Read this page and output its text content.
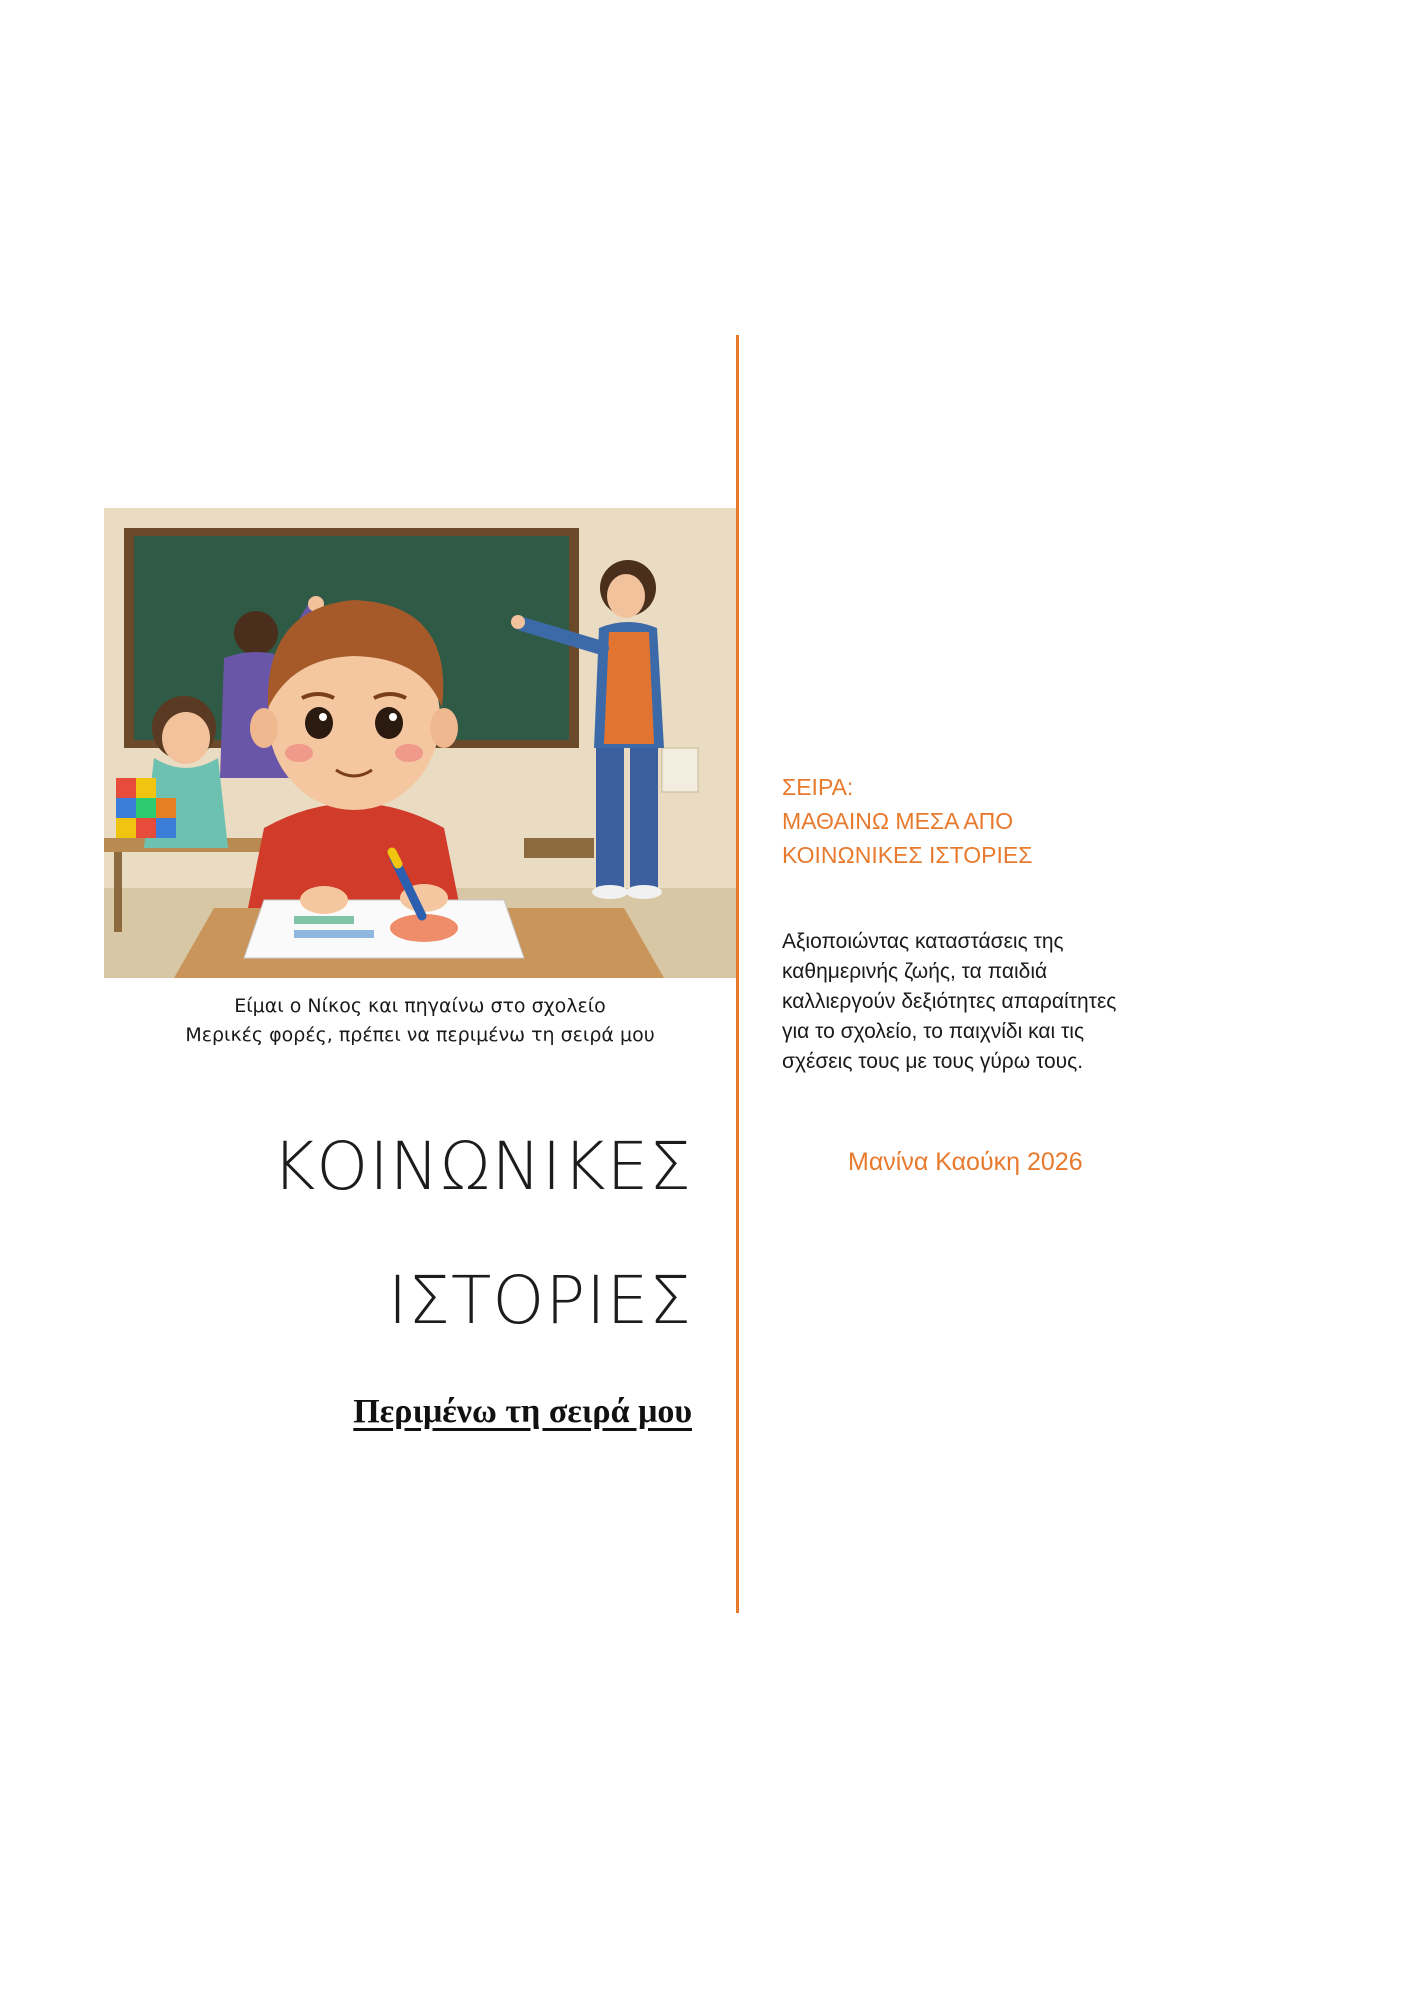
Είμαι ο Νίκος και πηγαίνω στο σχολείο
Μερικές φορές, πρέπει να περιμένω τη σειρά μου
ΚΟΙΝΩΝΙΚΕΣ
ΙΣΤΟΡΙΕΣ
Περιμένω τη σειρά μου
ΣΕΙΡΑ:
ΜΑΘΑΙΝΩ ΜΕΣΑ ΑΠΟ
ΚΟΙΝΩΝΙΚΕΣ ΙΣΤΟΡΙΕΣ
Αξιοποιώντας καταστάσεις της
καθημερινής ζωής, τα παιδιά
καλλιεργούν δεξιότητες απαραίτητες
για το σχολείο, το παιχνίδι και τις
σχέσεις τους με τους γύρω τους.
Μανίνα Καούκη 2026
